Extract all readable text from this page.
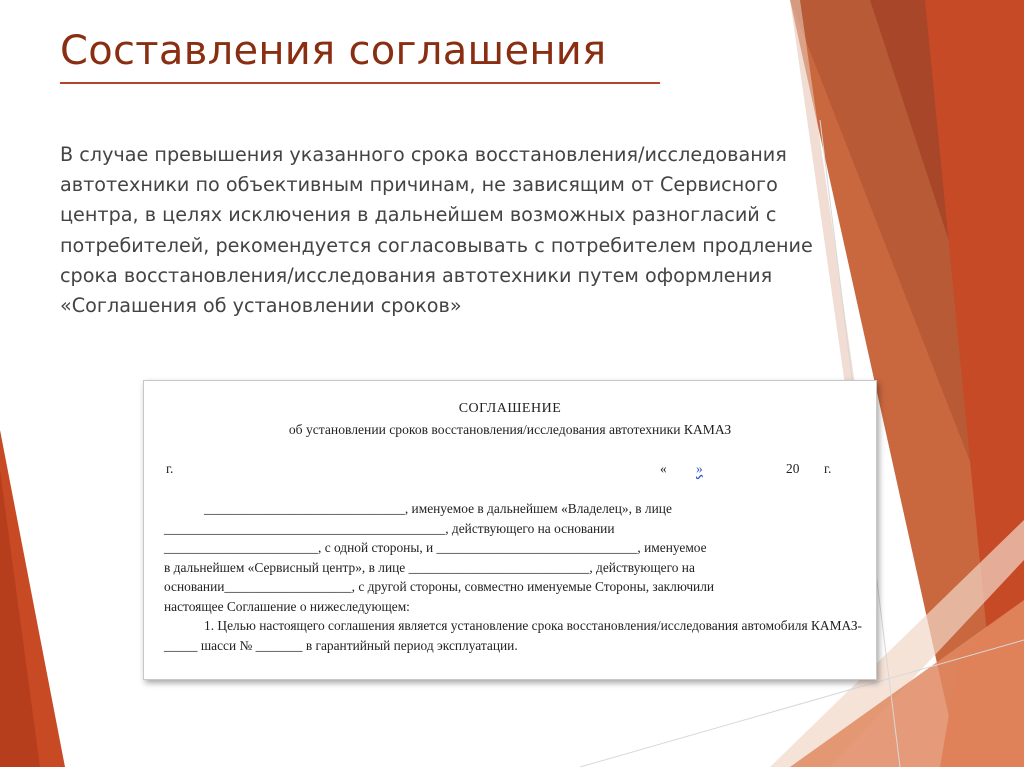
Составления соглашения

В случае превышения указанного срока восстановления/исследования автотехники по объективным причинам, не зависящим от Сервисного центра, в целях исключения в дальнейшем возможных разногласий с потребителей, рекомендуется согласовывать с потребителем продление срока восстановления/исследования автотехники путем оформления «Соглашения об установлении сроков»

СОГЛАШЕНИЕ
об установлении сроков восстановления/исследования автотехники КАМАЗ
г.	« »	20 г.

______________________________, именуемое в дальнейшем «Владелец», в лице

__________________________________________, действующего на основании

_______________________, с одной стороны, и ______________________________, именуемое

в дальнейшем «Сервисный центр», в лице ___________________________, действующего на

основании___________________, с другой стороны, совместно именуемые Стороны, заключили

настоящее Соглашение о нижеследующем:

1. Целью настоящего соглашения является установление срока восстановления/исследования автомобиля КАМАЗ-_____ шасси № _______ в гарантийный период эксплуатации.
